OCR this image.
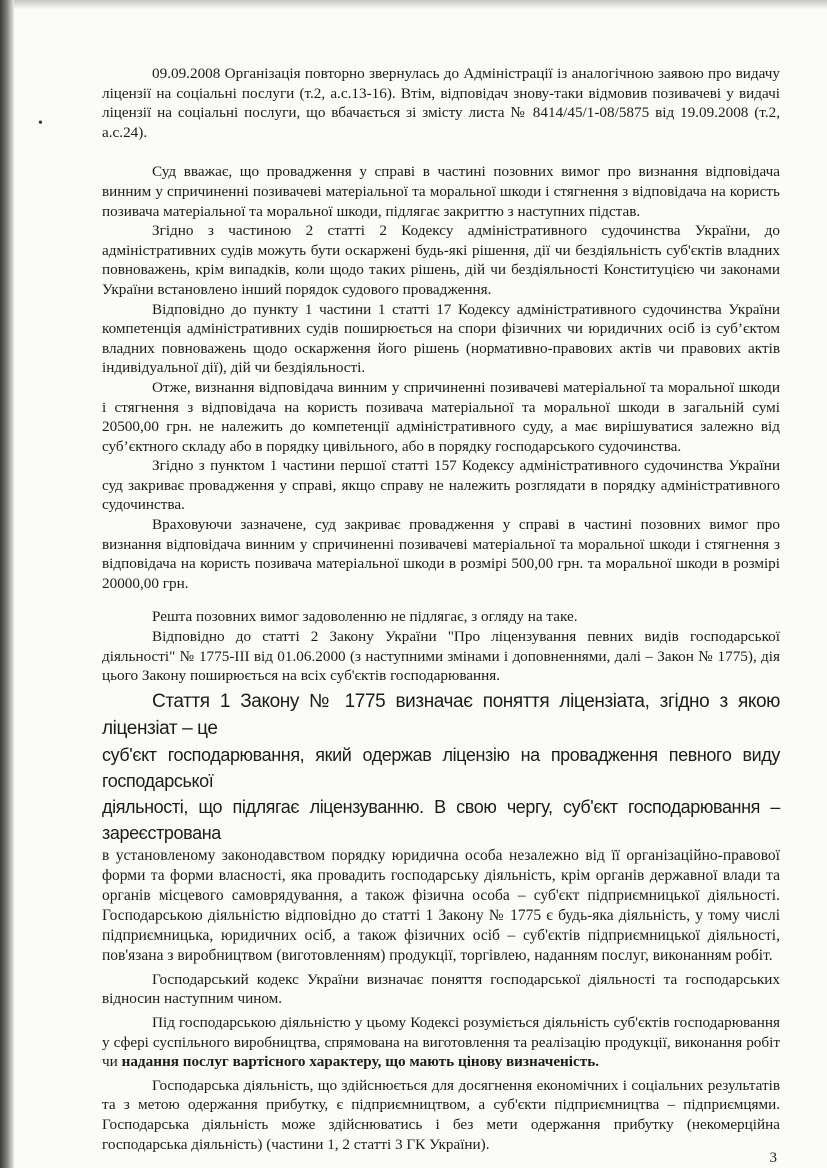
•

09.09.2008 Організація повторно звернулась до Адміністрації із аналогічною заявою про видачу ліцензії на соціальні послуги (т.2, а.с.13-16). Втім, відповідач знову-таки відмовив позивачеві у видачі ліцензії на соціальні послуги, що вбачається зі змісту листа № 8414/45/1-08/5875 від 19.09.2008 (т.2, а.с.24).

Суд вважає, що провадження у справі в частині позовних вимог про визнання відповідача винним у спричиненні позивачеві матеріальної та моральної шкоди і стягнення з відповідача на користь позивача матеріальної та моральної шкоди, підлягає закриттю з наступних підстав.

Згідно з частиною 2 статті 2 Кодексу адміністративного судочинства України, до адміністративних судів можуть бути оскаржені будь-які рішення, дії чи бездіяльність суб'єктів владних повноважень, крім випадків, коли щодо таких рішень, дій чи бездіяльності Конституцією чи законами України встановлено інший порядок судового провадження.

Відповідно до пункту 1 частини 1 статті 17 Кодексу адміністративного судочинства України компетенція адміністративних судів поширюється на спори фізичних чи юридичних осіб із суб’єктом владних повноважень щодо оскарження його рішень (нормативно-правових актів чи правових актів індивідуальної дії), дій чи бездіяльності.

Отже, визнання відповідача винним у спричиненні позивачеві матеріальної та моральної шкоди і стягнення з відповідача на користь позивача матеріальної та моральної шкоди в загальній сумі 20500,00 грн. не належить до компетенції адміністративного суду, а має вирішуватися залежно від суб’єктного складу або в порядку цивільного, або в порядку господарського судочинства.

Згідно з пунктом 1 частини першої статті 157 Кодексу адміністративного судочинства України суд закриває провадження у справі, якщо справу не належить розглядати в порядку адміністративного судочинства.

Враховуючи зазначене, суд закриває провадження у справі в частині позовних вимог про визнання відповідача винним у спричиненні позивачеві матеріальної та моральної шкоди і стягнення з відповідача на користь позивача матеріальної шкоди в розмірі 500,00 грн. та моральної шкоди в розмірі 20000,00 грн.

Решта позовних вимог задоволенню не підлягає, з огляду на таке.

Відповідно до статті 2 Закону України "Про ліцензування певних видів господарської діяльності" № 1775-ІІІ від 01.06.2000 (з наступними змінами і доповненнями, далі – Закон № 1775), дія цього Закону поширюється на всіх суб'єктів господарювання.

Стаття 1 Закону № 1775 визначає поняття ліцензіата, згідно з якою ліцензіат – це
суб'єкт господарювання, який одержав ліцензію на провадження певного виду господарської
діяльності, що підлягає ліцензуванню. В свою чергу, суб'єкт господарювання – зареєстрована
в установленому законодавством порядку юридична особа незалежно від її організаційно-правової форми та форми власності, яка провадить господарську діяльність, крім органів державної влади та органів місцевого самоврядування, а також фізична особа – суб'єкт підприємницької діяльності. Господарською діяльністю відповідно до статті 1 Закону № 1775 є будь-яка діяльність, у тому числі підприємницька, юридичних осіб, а також фізичних осіб – суб'єктів підприємницької діяльності, пов'язана з виробництвом (виготовленням) продукції, торгівлею, наданням послуг, виконанням робіт.

Господарський кодекс України визначає поняття господарської діяльності та господарських відносин наступним чином.

Під господарською діяльністю у цьому Кодексі розуміється діяльність суб'єктів господарювання у сфері суспільного виробництва, спрямована на виготовлення та реалізацію продукції, виконання робіт чи надання послуг вартісного характеру, що мають цінову визначеність.

Господарська діяльність, що здійснюється для досягнення економічних і соціальних результатів та з метою одержання прибутку, є підприємництвом, а суб'єкти підприємництва – підприємцями. Господарська діяльність може здійснюватись і без мети одержання прибутку (некомерційна господарська діяльність) (частини 1, 2 статті 3 ГК України).

3
